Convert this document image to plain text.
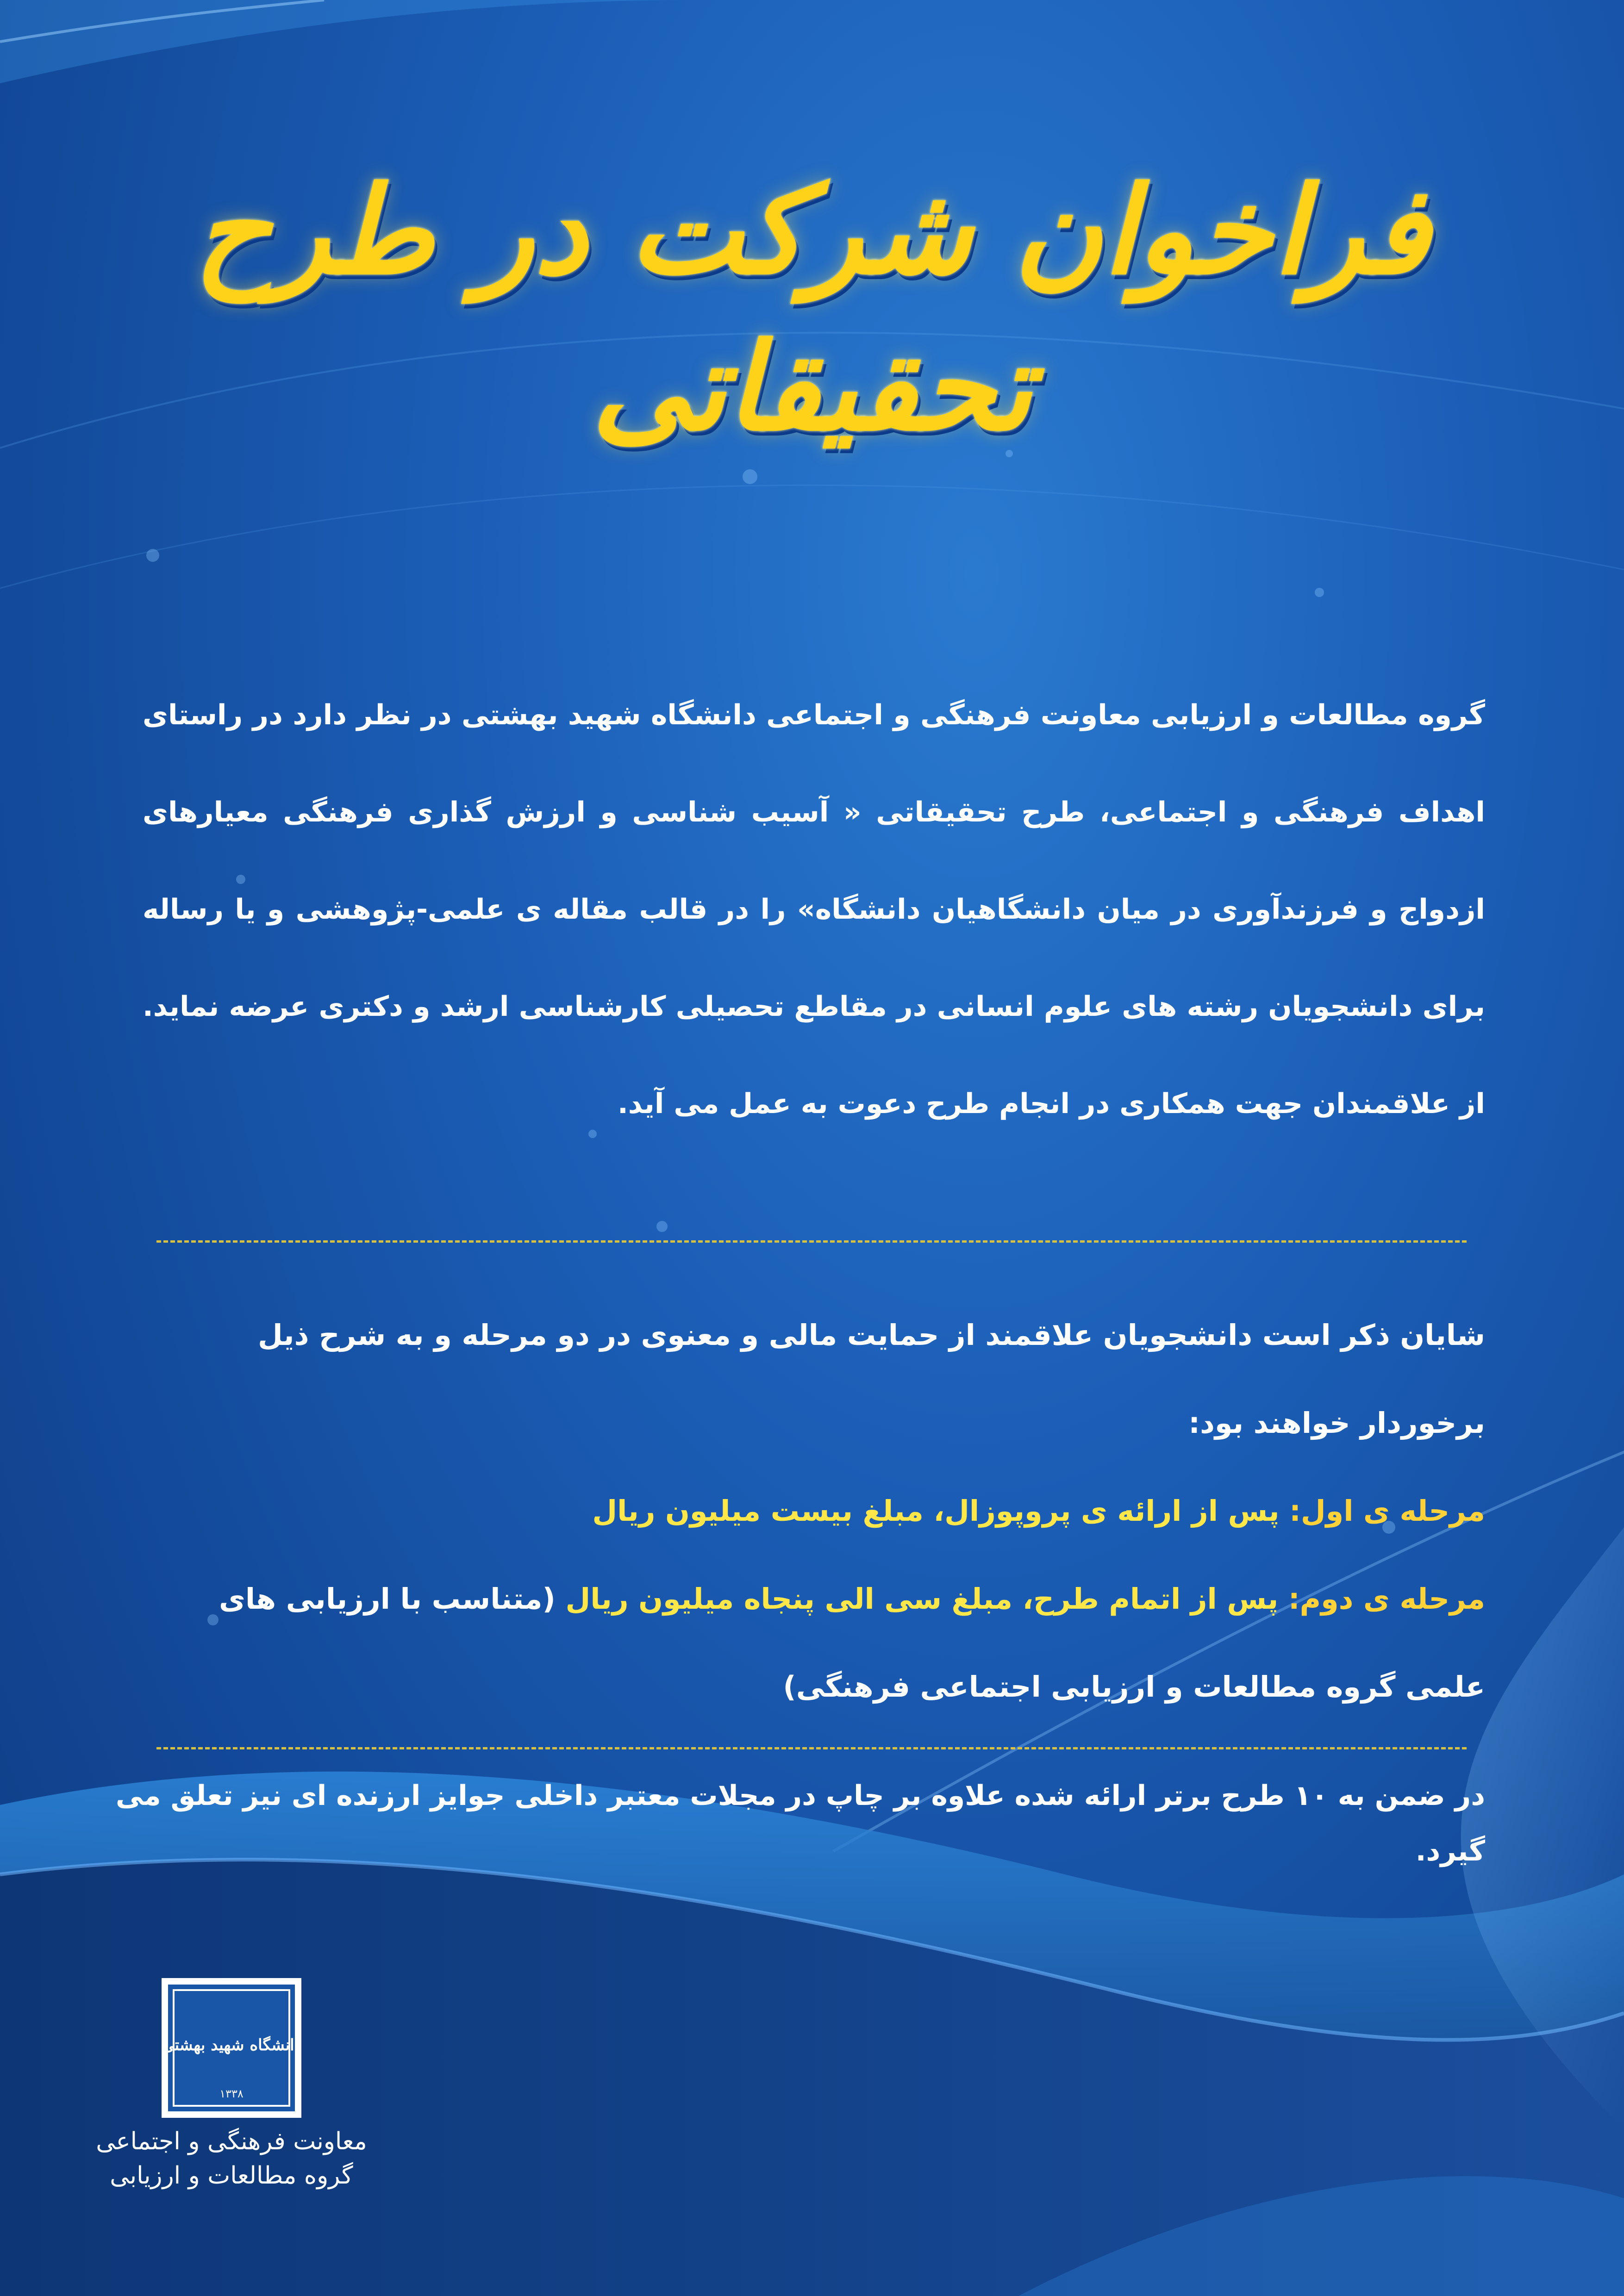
فراخوان شرکت در طرح تحقیقاتی
گروه مطالعات و ارزیابی معاونت فرهنگی و اجتماعی دانشگاه شهید بهشتی در نظر دارد در راستای اهداف فرهنگی و اجتماعی، طرح تحقیقاتی « آسیب شناسی و ارزش گذاری فرهنگی معیارهای ازدواج و فرزندآوری در میان دانشگاهیان دانشگاه» را در قالب مقاله ی علمی-پژوهشی و یا رساله برای دانشجویان رشته های علوم انسانی در مقاطع تحصیلی کارشناسی ارشد و دکتری عرضه نماید. از علاقمندان جهت همکاری در انجام طرح دعوت به عمل می آید.

شایان ذکر است دانشجویان علاقمند از حمایت مالی و معنوی در دو مرحله و به شرح ذیل برخوردار خواهند بود:

مرحله ی اول: پس از ارائه ی پروپوزال، مبلغ بیست میلیون ریال

مرحله ی دوم: پس از اتمام طرح، مبلغ سی الی پنجاه میلیون ریال (متناسب با ارزیابی های علمی گروه مطالعات و ارزیابی اجتماعی فرهنگی)

در ضمن به ۱۰ طرح برتر ارائه شده علاوه بر چاپ در مجلات معتبر داخلی جوایز ارزنده ای نیز تعلق می گیرد.
دانشگاه شهید بهشتی
۱۳۳۸
معاونت فرهنگی و اجتماعی
گروه مطالعات و ارزیابی
